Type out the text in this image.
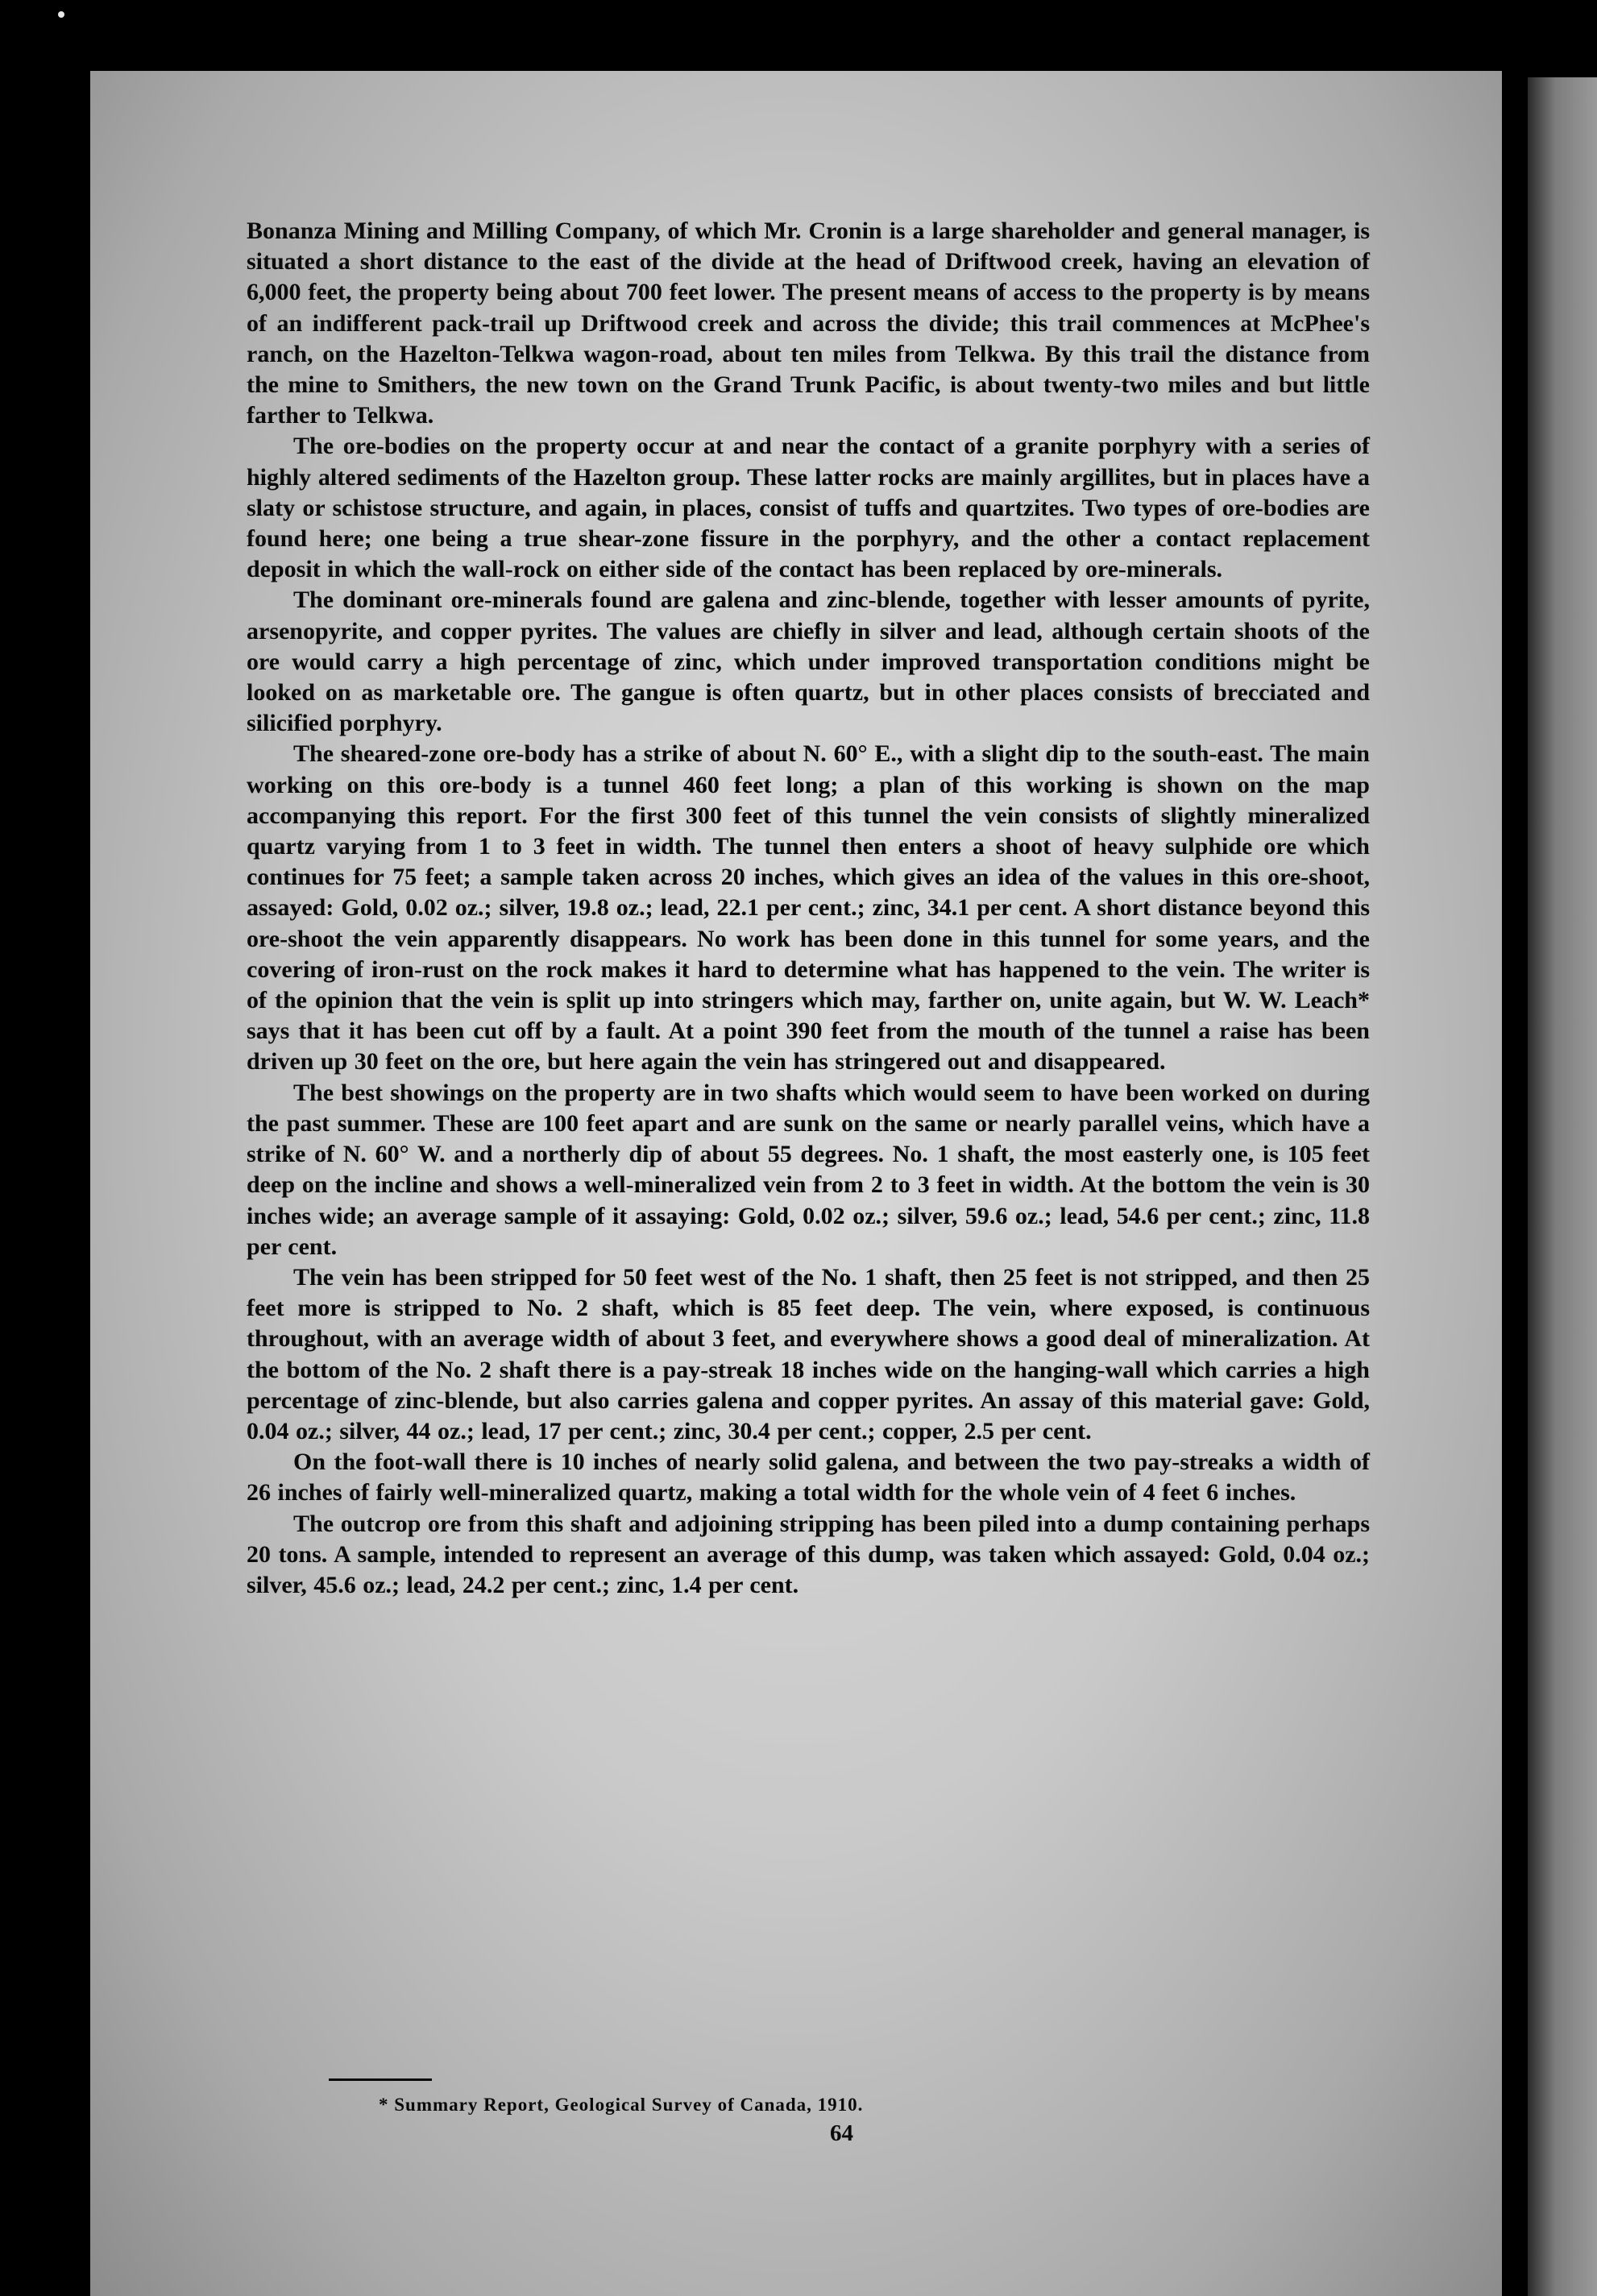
Bonanza Mining and Milling Company, of which Mr. Cronin is a large shareholder and general manager, is situated a short distance to the east of the divide at the head of Driftwood creek, having an elevation of 6,000 feet, the property being about 700 feet lower. The present means of access to the property is by means of an indifferent pack-trail up Driftwood creek and across the divide; this trail commences at McPhee's ranch, on the Hazelton-Telkwa wagon-road, about ten miles from Telkwa. By this trail the distance from the mine to Smithers, the new town on the Grand Trunk Pacific, is about twenty-two miles and but little farther to Telkwa.

The ore-bodies on the property occur at and near the contact of a granite porphyry with a series of highly altered sediments of the Hazelton group. These latter rocks are mainly argillites, but in places have a slaty or schistose structure, and again, in places, consist of tuffs and quartzites. Two types of ore-bodies are found here; one being a true shear-zone fissure in the porphyry, and the other a contact replacement deposit in which the wall-rock on either side of the contact has been replaced by ore-minerals.

The dominant ore-minerals found are galena and zinc-blende, together with lesser amounts of pyrite, arsenopyrite, and copper pyrites. The values are chiefly in silver and lead, although certain shoots of the ore would carry a high percentage of zinc, which under improved transportation conditions might be looked on as marketable ore. The gangue is often quartz, but in other places consists of brecciated and silicified porphyry.

The sheared-zone ore-body has a strike of about N. 60° E., with a slight dip to the south-east. The main working on this ore-body is a tunnel 460 feet long; a plan of this working is shown on the map accompanying this report. For the first 300 feet of this tunnel the vein consists of slightly mineralized quartz varying from 1 to 3 feet in width. The tunnel then enters a shoot of heavy sulphide ore which continues for 75 feet; a sample taken across 20 inches, which gives an idea of the values in this ore-shoot, assayed: Gold, 0.02 oz.; silver, 19.8 oz.; lead, 22.1 per cent.; zinc, 34.1 per cent. A short distance beyond this ore-shoot the vein apparently disappears. No work has been done in this tunnel for some years, and the covering of iron-rust on the rock makes it hard to determine what has happened to the vein. The writer is of the opinion that the vein is split up into stringers which may, farther on, unite again, but W. W. Leach* says that it has been cut off by a fault. At a point 390 feet from the mouth of the tunnel a raise has been driven up 30 feet on the ore, but here again the vein has stringered out and disappeared.

The best showings on the property are in two shafts which would seem to have been worked on during the past summer. These are 100 feet apart and are sunk on the same or nearly parallel veins, which have a strike of N. 60° W. and a northerly dip of about 55 degrees. No. 1 shaft, the most easterly one, is 105 feet deep on the incline and shows a well-mineralized vein from 2 to 3 feet in width. At the bottom the vein is 30 inches wide; an average sample of it assaying: Gold, 0.02 oz.; silver, 59.6 oz.; lead, 54.6 per cent.; zinc, 11.8 per cent.

The vein has been stripped for 50 feet west of the No. 1 shaft, then 25 feet is not stripped, and then 25 feet more is stripped to No. 2 shaft, which is 85 feet deep. The vein, where exposed, is continuous throughout, with an average width of about 3 feet, and everywhere shows a good deal of mineralization. At the bottom of the No. 2 shaft there is a pay-streak 18 inches wide on the hanging-wall which carries a high percentage of zinc-blende, but also carries galena and copper pyrites. An assay of this material gave: Gold, 0.04 oz.; silver, 44 oz.; lead, 17 per cent.; zinc, 30.4 per cent.; copper, 2.5 per cent.

On the foot-wall there is 10 inches of nearly solid galena, and between the two pay-streaks a width of 26 inches of fairly well-mineralized quartz, making a total width for the whole vein of 4 feet 6 inches.

The outcrop ore from this shaft and adjoining stripping has been piled into a dump containing perhaps 20 tons. A sample, intended to represent an average of this dump, was taken which assayed: Gold, 0.04 oz.; silver, 45.6 oz.; lead, 24.2 per cent.; zinc, 1.4 per cent.

* Summary Report, Geological Survey of Canada, 1910.
64
